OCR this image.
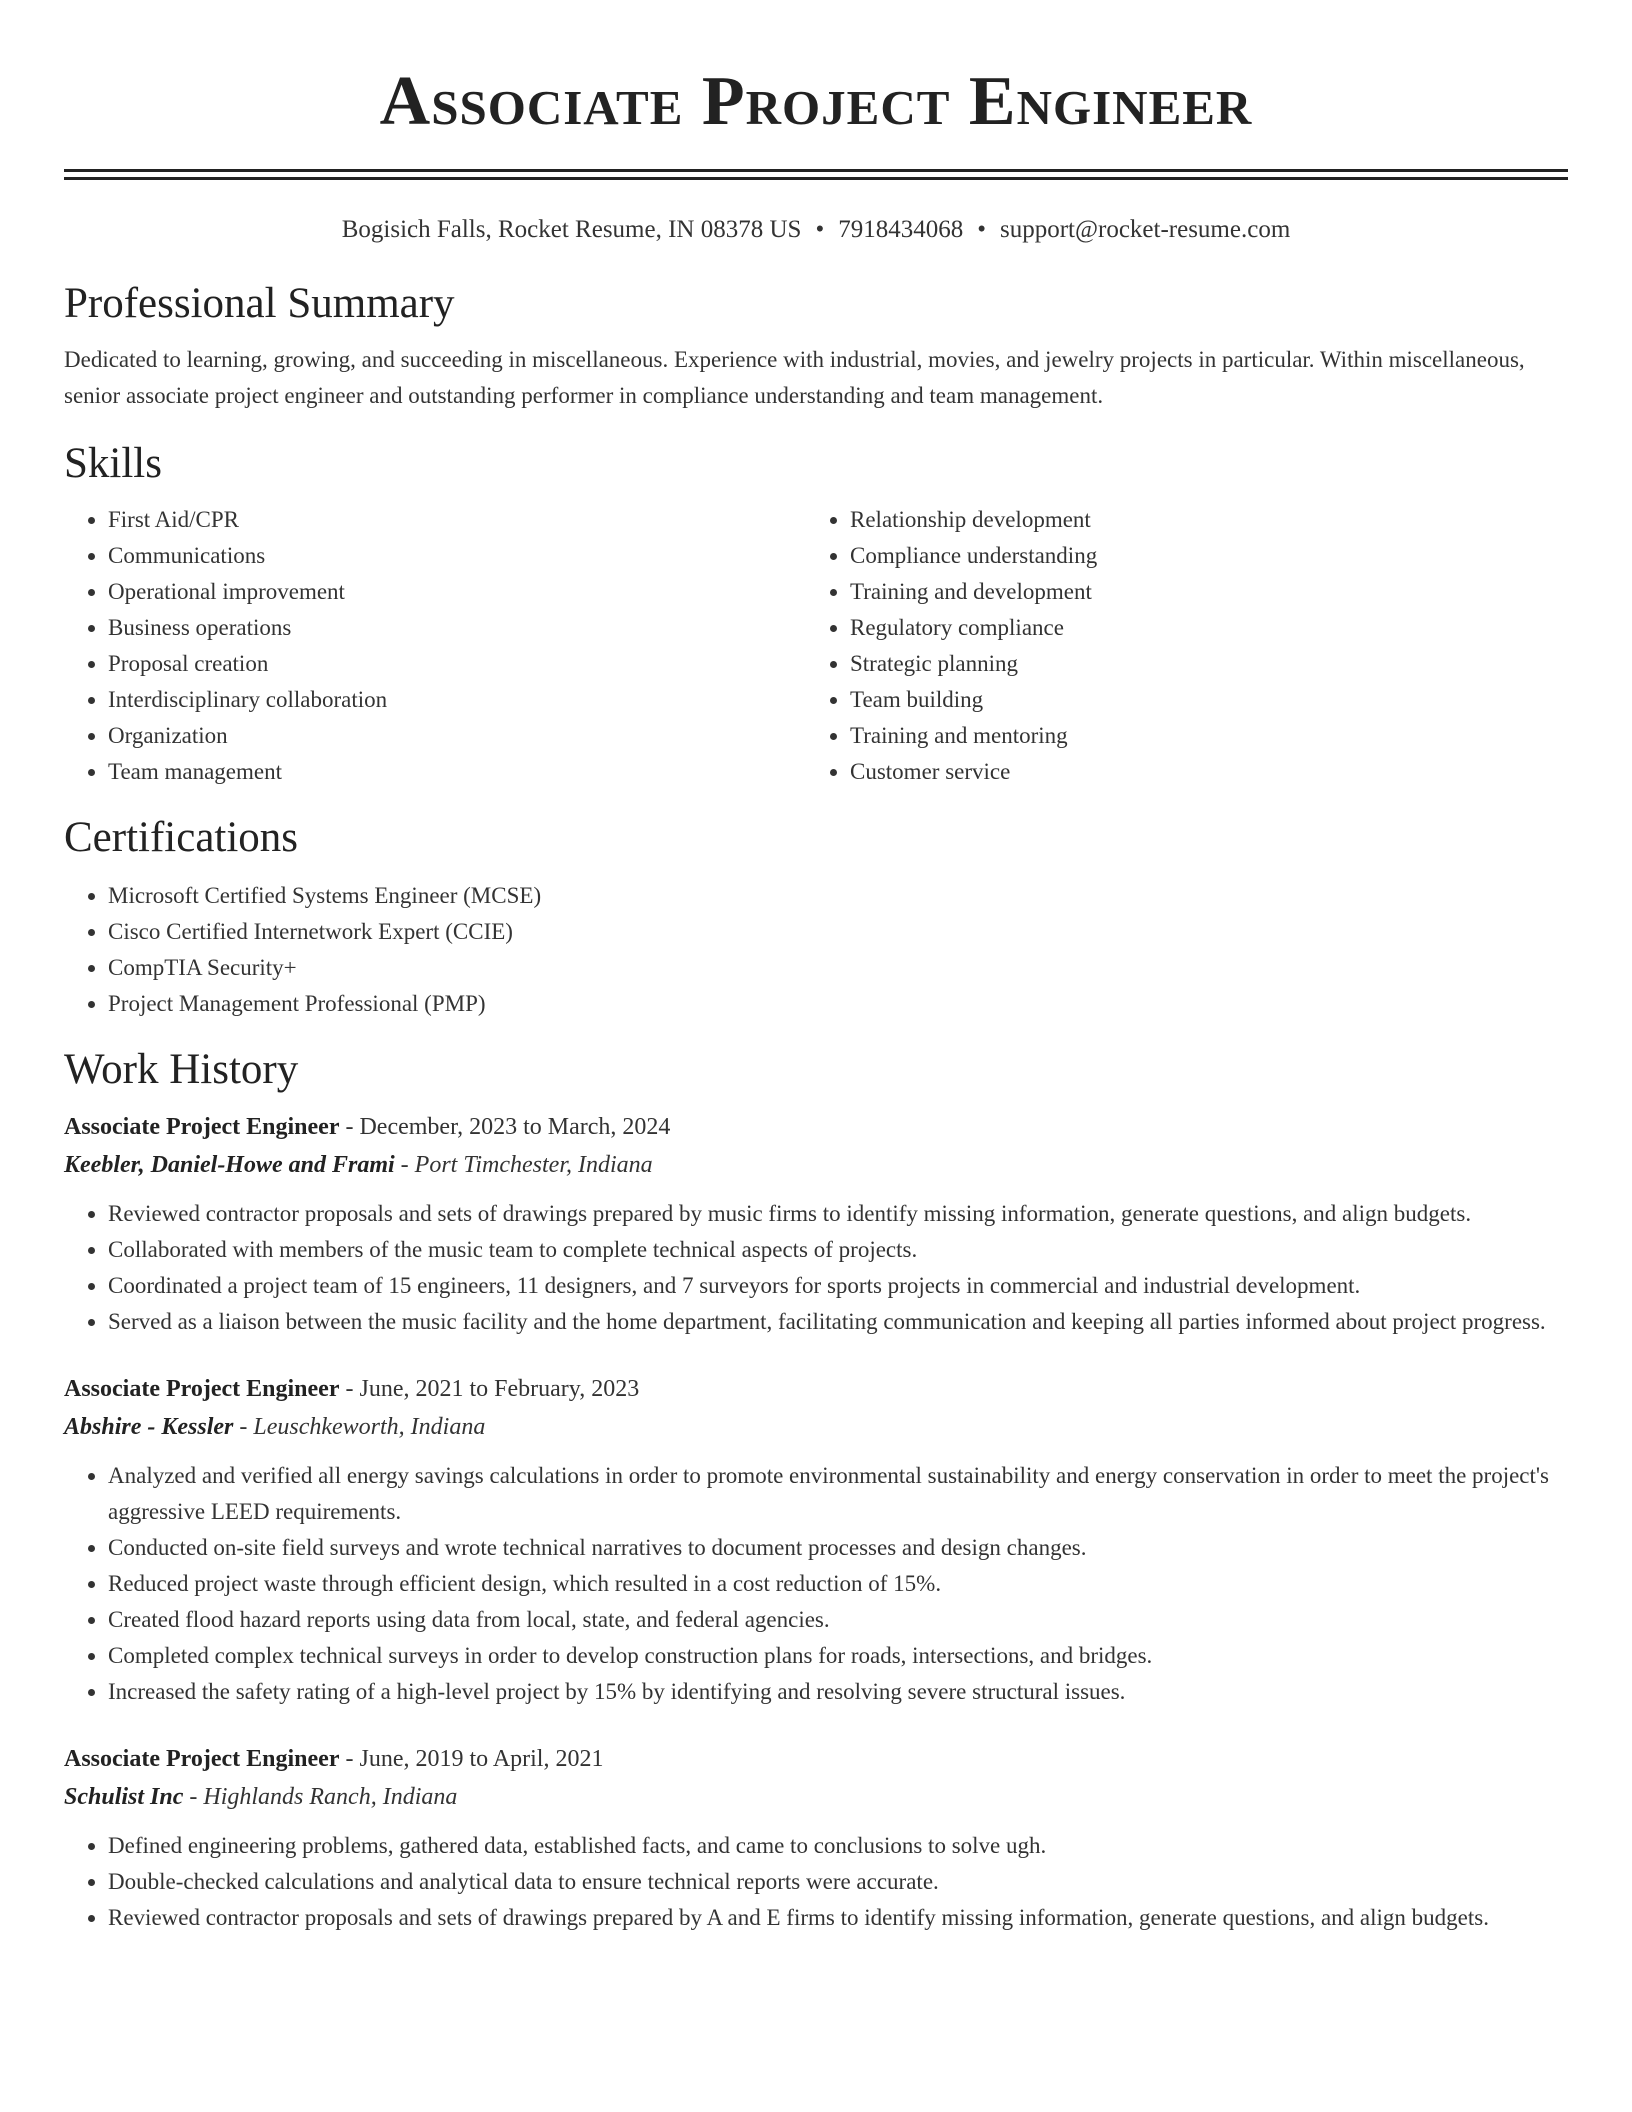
Associate Project Engineer
Bogisich Falls, Rocket Resume, IN 08378 US • 7918434068 • support@rocket-resume.com
Professional Summary

Dedicated to learning, growing, and succeeding in miscellaneous. Experience with industrial, movies, and jewelry projects in particular. Within miscellaneous, senior associate project engineer and outstanding performer in compliance understanding and team management.

Skills
• First Aid/CPR
• Communications
• Operational improvement
• Business operations
• Proposal creation
• Interdisciplinary collaboration
• Organization
• Team management
• Relationship development
• Compliance understanding
• Training and development
• Regulatory compliance
• Strategic planning
• Team building
• Training and mentoring
• Customer service
Certifications
• Microsoft Certified Systems Engineer (MCSE)
• Cisco Certified Internetwork Expert (CCIE)
• CompTIA Security+
• Project Management Professional (PMP)
Work History
Associate Project Engineer - December, 2023 to March, 2024
Keebler, Daniel-Howe and Frami - Port Timchester, Indiana
• Reviewed contractor proposals and sets of drawings prepared by music firms to identify missing information, generate questions, and align budgets.
• Collaborated with members of the music team to complete technical aspects of projects.
• Coordinated a project team of 15 engineers, 11 designers, and 7 surveyors for sports projects in commercial and industrial development.
• Served as a liaison between the music facility and the home department, facilitating communication and keeping all parties informed about project progress.
Associate Project Engineer - June, 2021 to February, 2023
Abshire - Kessler - Leuschkeworth, Indiana
• Analyzed and verified all energy savings calculations in order to promote environmental sustainability and energy conservation in order to meet the project's aggressive LEED requirements.
• Conducted on-site field surveys and wrote technical narratives to document processes and design changes.
• Reduced project waste through efficient design, which resulted in a cost reduction of 15%.
• Created flood hazard reports using data from local, state, and federal agencies.
• Completed complex technical surveys in order to develop construction plans for roads, intersections, and bridges.
• Increased the safety rating of a high-level project by 15% by identifying and resolving severe structural issues.
Associate Project Engineer - June, 2019 to April, 2021
Schulist Inc - Highlands Ranch, Indiana
• Defined engineering problems, gathered data, established facts, and came to conclusions to solve ugh.
• Double-checked calculations and analytical data to ensure technical reports were accurate.
• Reviewed contractor proposals and sets of drawings prepared by A and E firms to identify missing information, generate questions, and align budgets.
